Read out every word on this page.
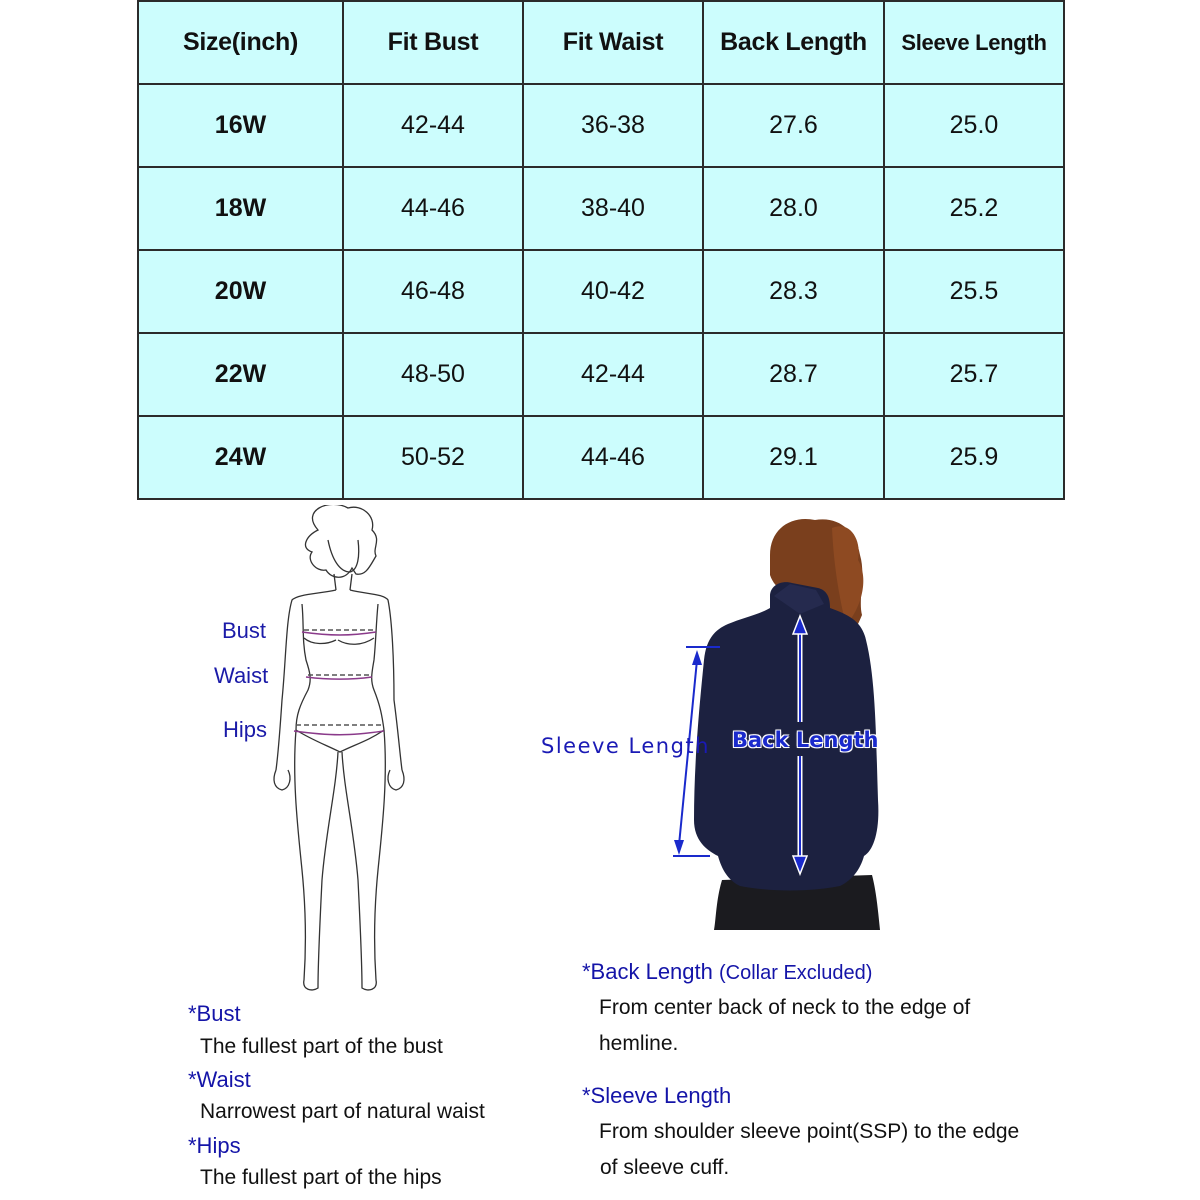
Size(inch)	Fit Bust	Fit Waist	Back Length	Sleeve Length
16W	42-44	36-38	27.6	25.0
18W	44-46	38-40	28.0	25.2
20W	46-48	40-42	28.3	25.5
22W	48-50	42-44	28.7	25.7
24W	50-52	44-46	29.1	25.9
Bust
Waist
Hips
Sleeve Length Back Length
*Bust
The fullest part of the bust
*Waist
Narrowest part of natural waist
*Hips
The fullest part of the hips
*Back Length (Collar Excluded)
From center back of neck to the edge of
hemline.
*Sleeve Length
From shoulder sleeve point(SSP) to the edge
of sleeve cuff.
